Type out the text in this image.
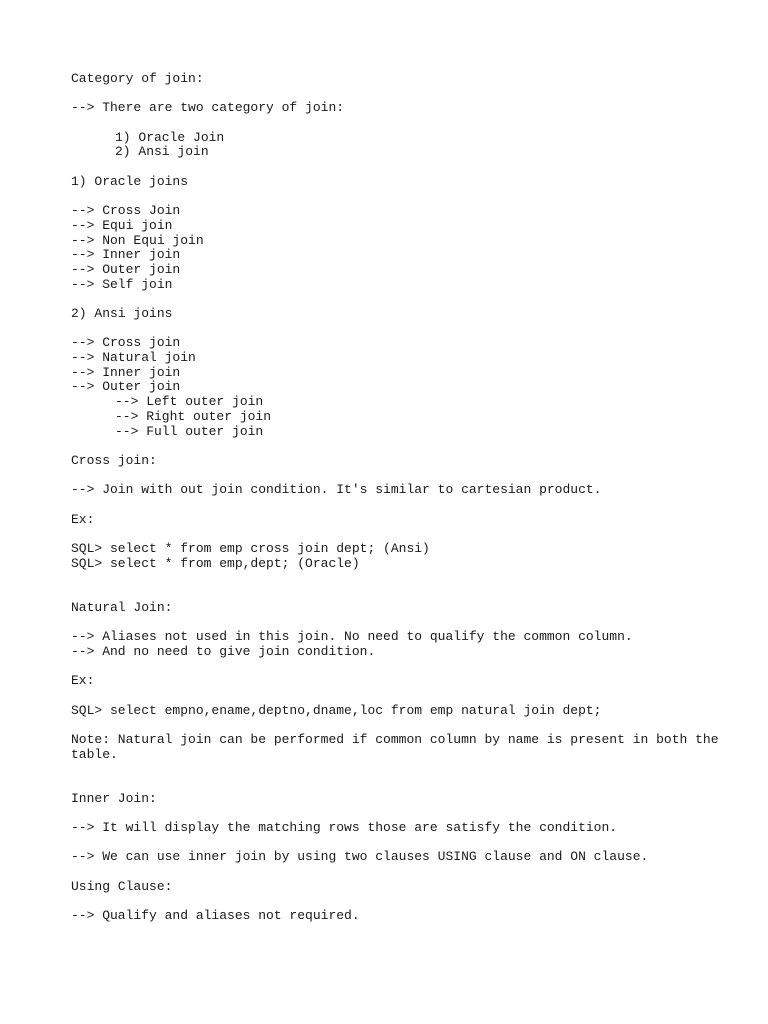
Category of join:
--> There are two category of join:
1) Oracle Join
2) Ansi join
1) Oracle joins
--> Cross Join
--> Equi join
--> Non Equi join
--> Inner join
--> Outer join
--> Self join
2) Ansi joins
--> Cross join
--> Natural join
--> Inner join
--> Outer join
--> Left outer join
--> Right outer join
--> Full outer join
Cross join:
--> Join with out join condition. It's similar to cartesian product.
Ex:
SQL> select * from emp cross join dept; (Ansi)
SQL> select * from emp,dept; (Oracle)
Natural Join:
--> Aliases not used in this join. No need to qualify the common column.
--> And no need to give join condition.
Ex:
SQL> select empno,ename,deptno,dname,loc from emp natural join dept;
Note: Natural join can be performed if common column by name is present in both the
table.
Inner Join:
--> It will display the matching rows those are satisfy the condition.
--> We can use inner join by using two clauses USING clause and ON clause.
Using Clause:
--> Qualify and aliases not required.
